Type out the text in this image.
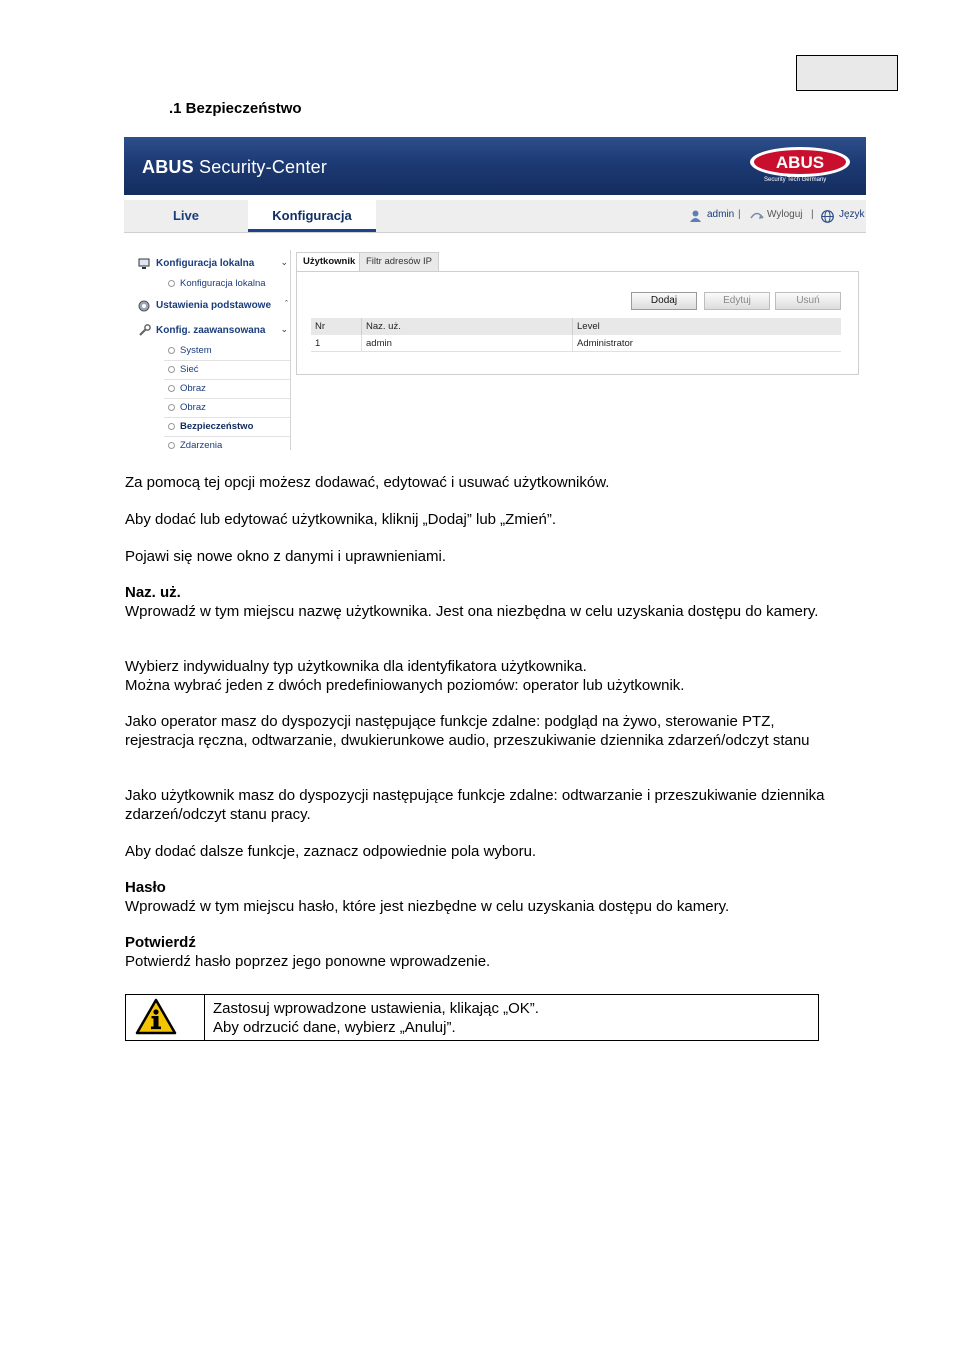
.1 Bezpieczeństwo
ABUS Security-Center	ABUS
Security Tech Germany
Live	Konfiguracja	admin |	Wyloguj |	Język
Konfiguracja lokalna	⌄
Konfiguracja lokalna
Ustawienia podstawowe ˆ
Konfig. zaawansowana ⌄
System
Sieć
Obraz
Obraz
Bezpieczeństwo
Zdarzenia
Użytkownik	Filtr adresów IP
Dodaj	Edytuj	Usuń
Nr	Naz. uż.	Level
1	admin	Administrator
Za pomocą tej opcji możesz dodawać, edytować i usuwać użytkowników.
Aby dodać lub edytować użytkownika, kliknij „Dodaj” lub „Zmień”.
Pojawi się nowe okno z danymi i uprawnieniami.
Naz. uż.
Wprowadź w tym miejscu nazwę użytkownika. Jest ona niezbędna w celu uzyskania dostępu do kamery.
Wybierz indywidualny typ użytkownika dla identyfikatora użytkownika.
Można wybrać jeden z dwóch predefiniowanych poziomów: operator lub użytkownik.
Jako operator masz do dyspozycji następujące funkcje zdalne: podgląd na żywo, sterowanie PTZ,
rejestracja ręczna, odtwarzanie, dwukierunkowe audio, przeszukiwanie dziennika zdarzeń/odczyt stanu
Jako użytkownik masz do dyspozycji następujące funkcje zdalne: odtwarzanie i przeszukiwanie dziennika
zdarzeń/odczyt stanu pracy.
Aby dodać dalsze funkcje, zaznacz odpowiednie pola wyboru.
Hasło
Wprowadź w tym miejscu hasło, które jest niezbędne w celu uzyskania dostępu do kamery.
Potwierdź
Potwierdź hasło poprzez jego ponowne wprowadzenie.
Zastosuj wprowadzone ustawienia, klikając „OK”.
Aby odrzucić dane, wybierz „Anuluj”.
